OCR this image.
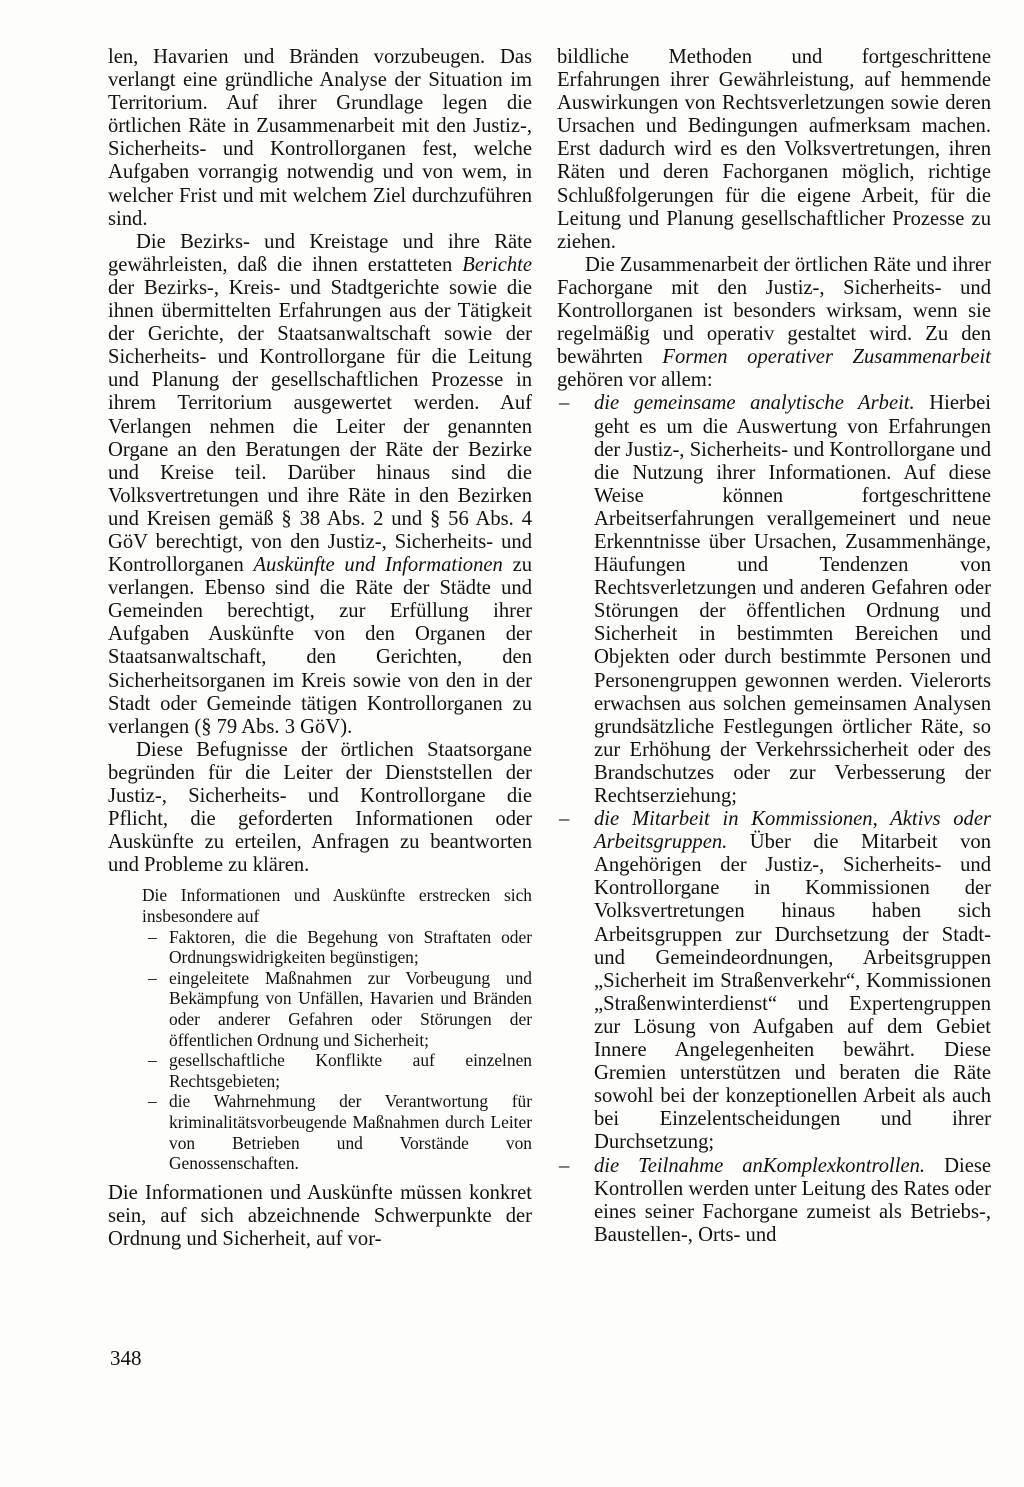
len, Havarien und Bränden vorzubeugen. Das verlangt eine gründliche Analyse der Situation im Territorium. Auf ihrer Grundlage legen die örtlichen Räte in Zusammenarbeit mit den Justiz-, Sicherheits- und Kontrollorganen fest, welche Aufgaben vorrangig notwendig und von wem, in welcher Frist und mit welchem Ziel durchzuführen sind.

Die Bezirks- und Kreistage und ihre Räte gewährleisten, daß die ihnen erstatteten Berichte der Bezirks-, Kreis- und Stadtgerichte sowie die ihnen übermittelten Erfahrungen aus der Tätigkeit der Gerichte, der Staatsanwaltschaft sowie der Sicherheits- und Kontrollorgane für die Leitung und Planung der gesellschaftlichen Prozesse in ihrem Territorium ausgewertet werden. Auf Verlangen nehmen die Leiter der genannten Organe an den Beratungen der Räte der Bezirke und Kreise teil. Darüber hinaus sind die Volksvertretungen und ihre Räte in den Bezirken und Kreisen gemäß § 38 Abs. 2 und § 56 Abs. 4 GöV berechtigt, von den Justiz-, Sicherheits- und Kontrollorganen Auskünfte und Informationen zu verlangen. Ebenso sind die Räte der Städte und Gemeinden berechtigt, zur Erfüllung ihrer Aufgaben Auskünfte von den Organen der Staatsanwaltschaft, den Gerichten, den Sicherheitsorganen im Kreis sowie von den in der Stadt oder Gemeinde tätigen Kontrollorganen zu verlangen (§ 79 Abs. 3 GöV).

Diese Befugnisse der örtlichen Staatsorgane begründen für die Leiter der Dienststellen der Justiz-, Sicherheits- und Kontrollorgane die Pflicht, die geforderten Informationen oder Auskünfte zu erteilen, Anfragen zu beantworten und Probleme zu klären.

Die Informationen und Auskünfte erstrecken sich insbesondere auf

– Faktoren, die die Begehung von Straftaten oder Ordnungswidrigkeiten begünstigen;
– eingeleitete Maßnahmen zur Vorbeugung und Bekämpfung von Unfällen, Havarien und Bränden oder anderer Gefahren oder Störungen der öffentlichen Ordnung und Sicherheit;
– gesellschaftliche Konflikte auf einzelnen Rechtsgebieten;
– die Wahrnehmung der Verantwortung für kriminalitätsvorbeugende Maßnahmen durch Leiter von Betrieben und Vorstände von Genossenschaften.

Die Informationen und Auskünfte müssen konkret sein, auf sich abzeichnende Schwerpunkte der Ordnung und Sicherheit, auf vor-

bildliche Methoden und fortgeschrittene Erfahrungen ihrer Gewährleistung, auf hemmende Auswirkungen von Rechtsverletzungen sowie deren Ursachen und Bedingungen aufmerksam machen. Erst dadurch wird es den Volksvertretungen, ihren Räten und deren Fachorganen möglich, richtige Schlußfolgerungen für die eigene Arbeit, für die Leitung und Planung gesellschaftlicher Prozesse zu ziehen.

Die Zusammenarbeit der örtlichen Räte und ihrer Fachorgane mit den Justiz-, Sicherheits- und Kontrollorganen ist besonders wirksam, wenn sie regelmäßig und operativ gestaltet wird. Zu den bewährten Formen operativer Zusammenarbeit gehören vor allem:

– die gemeinsame analytische Arbeit. Hierbei geht es um die Auswertung von Erfahrungen der Justiz-, Sicherheits- und Kontrollorgane und die Nutzung ihrer Informationen. Auf diese Weise können fortgeschrittene Arbeitserfahrungen verallgemeinert und neue Erkenntnisse über Ursachen, Zusammenhänge, Häufungen und Tendenzen von Rechtsverletzungen und anderen Gefahren oder Störungen der öffentlichen Ordnung und Sicherheit in bestimmten Bereichen und Objekten oder durch bestimmte Personen und Personengruppen gewonnen werden. Vielerorts erwachsen aus solchen gemeinsamen Analysen grundsätzliche Festlegungen örtlicher Räte, so zur Erhöhung der Verkehrssicherheit oder des Brandschutzes oder zur Verbesserung der Rechtserziehung;
– die Mitarbeit in Kommissionen, Aktivs oder Arbeitsgruppen. Über die Mitarbeit von Angehörigen der Justiz-, Sicherheits- und Kontrollorgane in Kommissionen der Volksvertretungen hinaus haben sich Arbeitsgruppen zur Durchsetzung der Stadt- und Gemeindeordnungen, Arbeitsgruppen „Sicherheit im Straßenverkehr“, Kommissionen „Straßenwinterdienst“ und Expertengruppen zur Lösung von Aufgaben auf dem Gebiet Innere Angelegenheiten bewährt. Diese Gremien unterstützen und beraten die Räte sowohl bei der konzeptionellen Arbeit als auch bei Einzelentscheidungen und ihrer Durchsetzung;
– die Teilnahme anKomplexkontrollen. Diese Kontrollen werden unter Leitung des Rates oder eines seiner Fachorgane zumeist als Betriebs-, Baustellen-, Orts- und
348
